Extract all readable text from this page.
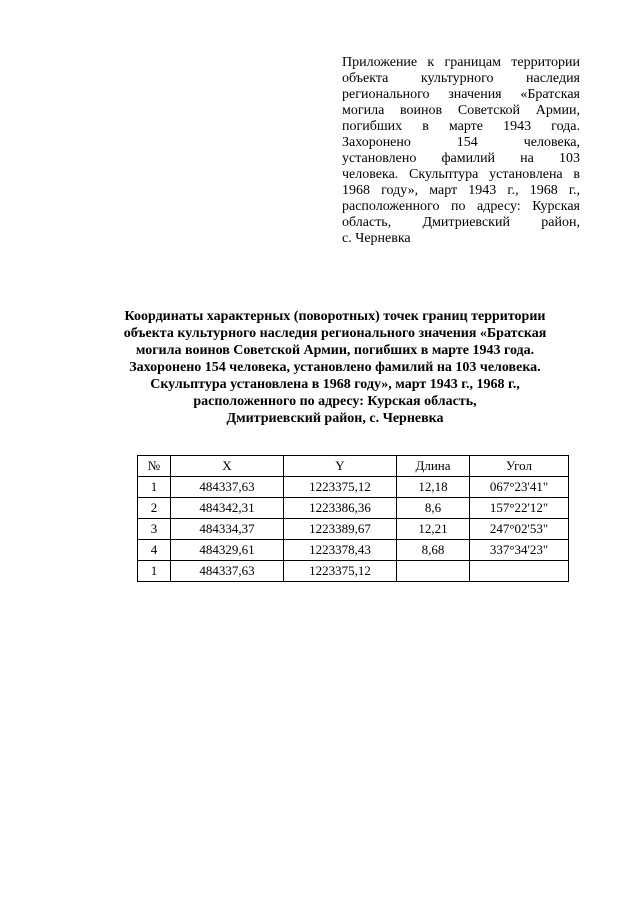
Приложение к границам территории
объекта культурного наследия
регионального значения «Братская
могила воинов Советской Армии,
погибших в марте 1943 года.
Захоронено 154 человека,
установлено фамилий на 103
человека. Скульптура установлена в
1968 году», март 1943 г., 1968 г.,
расположенного по адресу: Курская
область, Дмитриевский район,
с. Черневка
Координаты характерных (поворотных) точек границ территории
объекта культурного наследия регионального значения «Братская
могила воинов Советской Армии, погибших в марте 1943 года.
Захоронено 154 человека, установлено фамилий на 103 человека.
Скульптура установлена в 1968 году», март 1943 г., 1968 г.,
расположенного по адресу: Курская область,
Дмитриевский район, с. Черневка
№	X	Y	Длина	Угол
1	484337,63	1223375,12	12,18	067°23'41"
2	484342,31	1223386,36	8,6	157°22'12"
3	484334,37	1223389,67	12,21	247°02'53"
4	484329,61	1223378,43	8,68	337°34'23"
1	484337,63	1223375,12		
